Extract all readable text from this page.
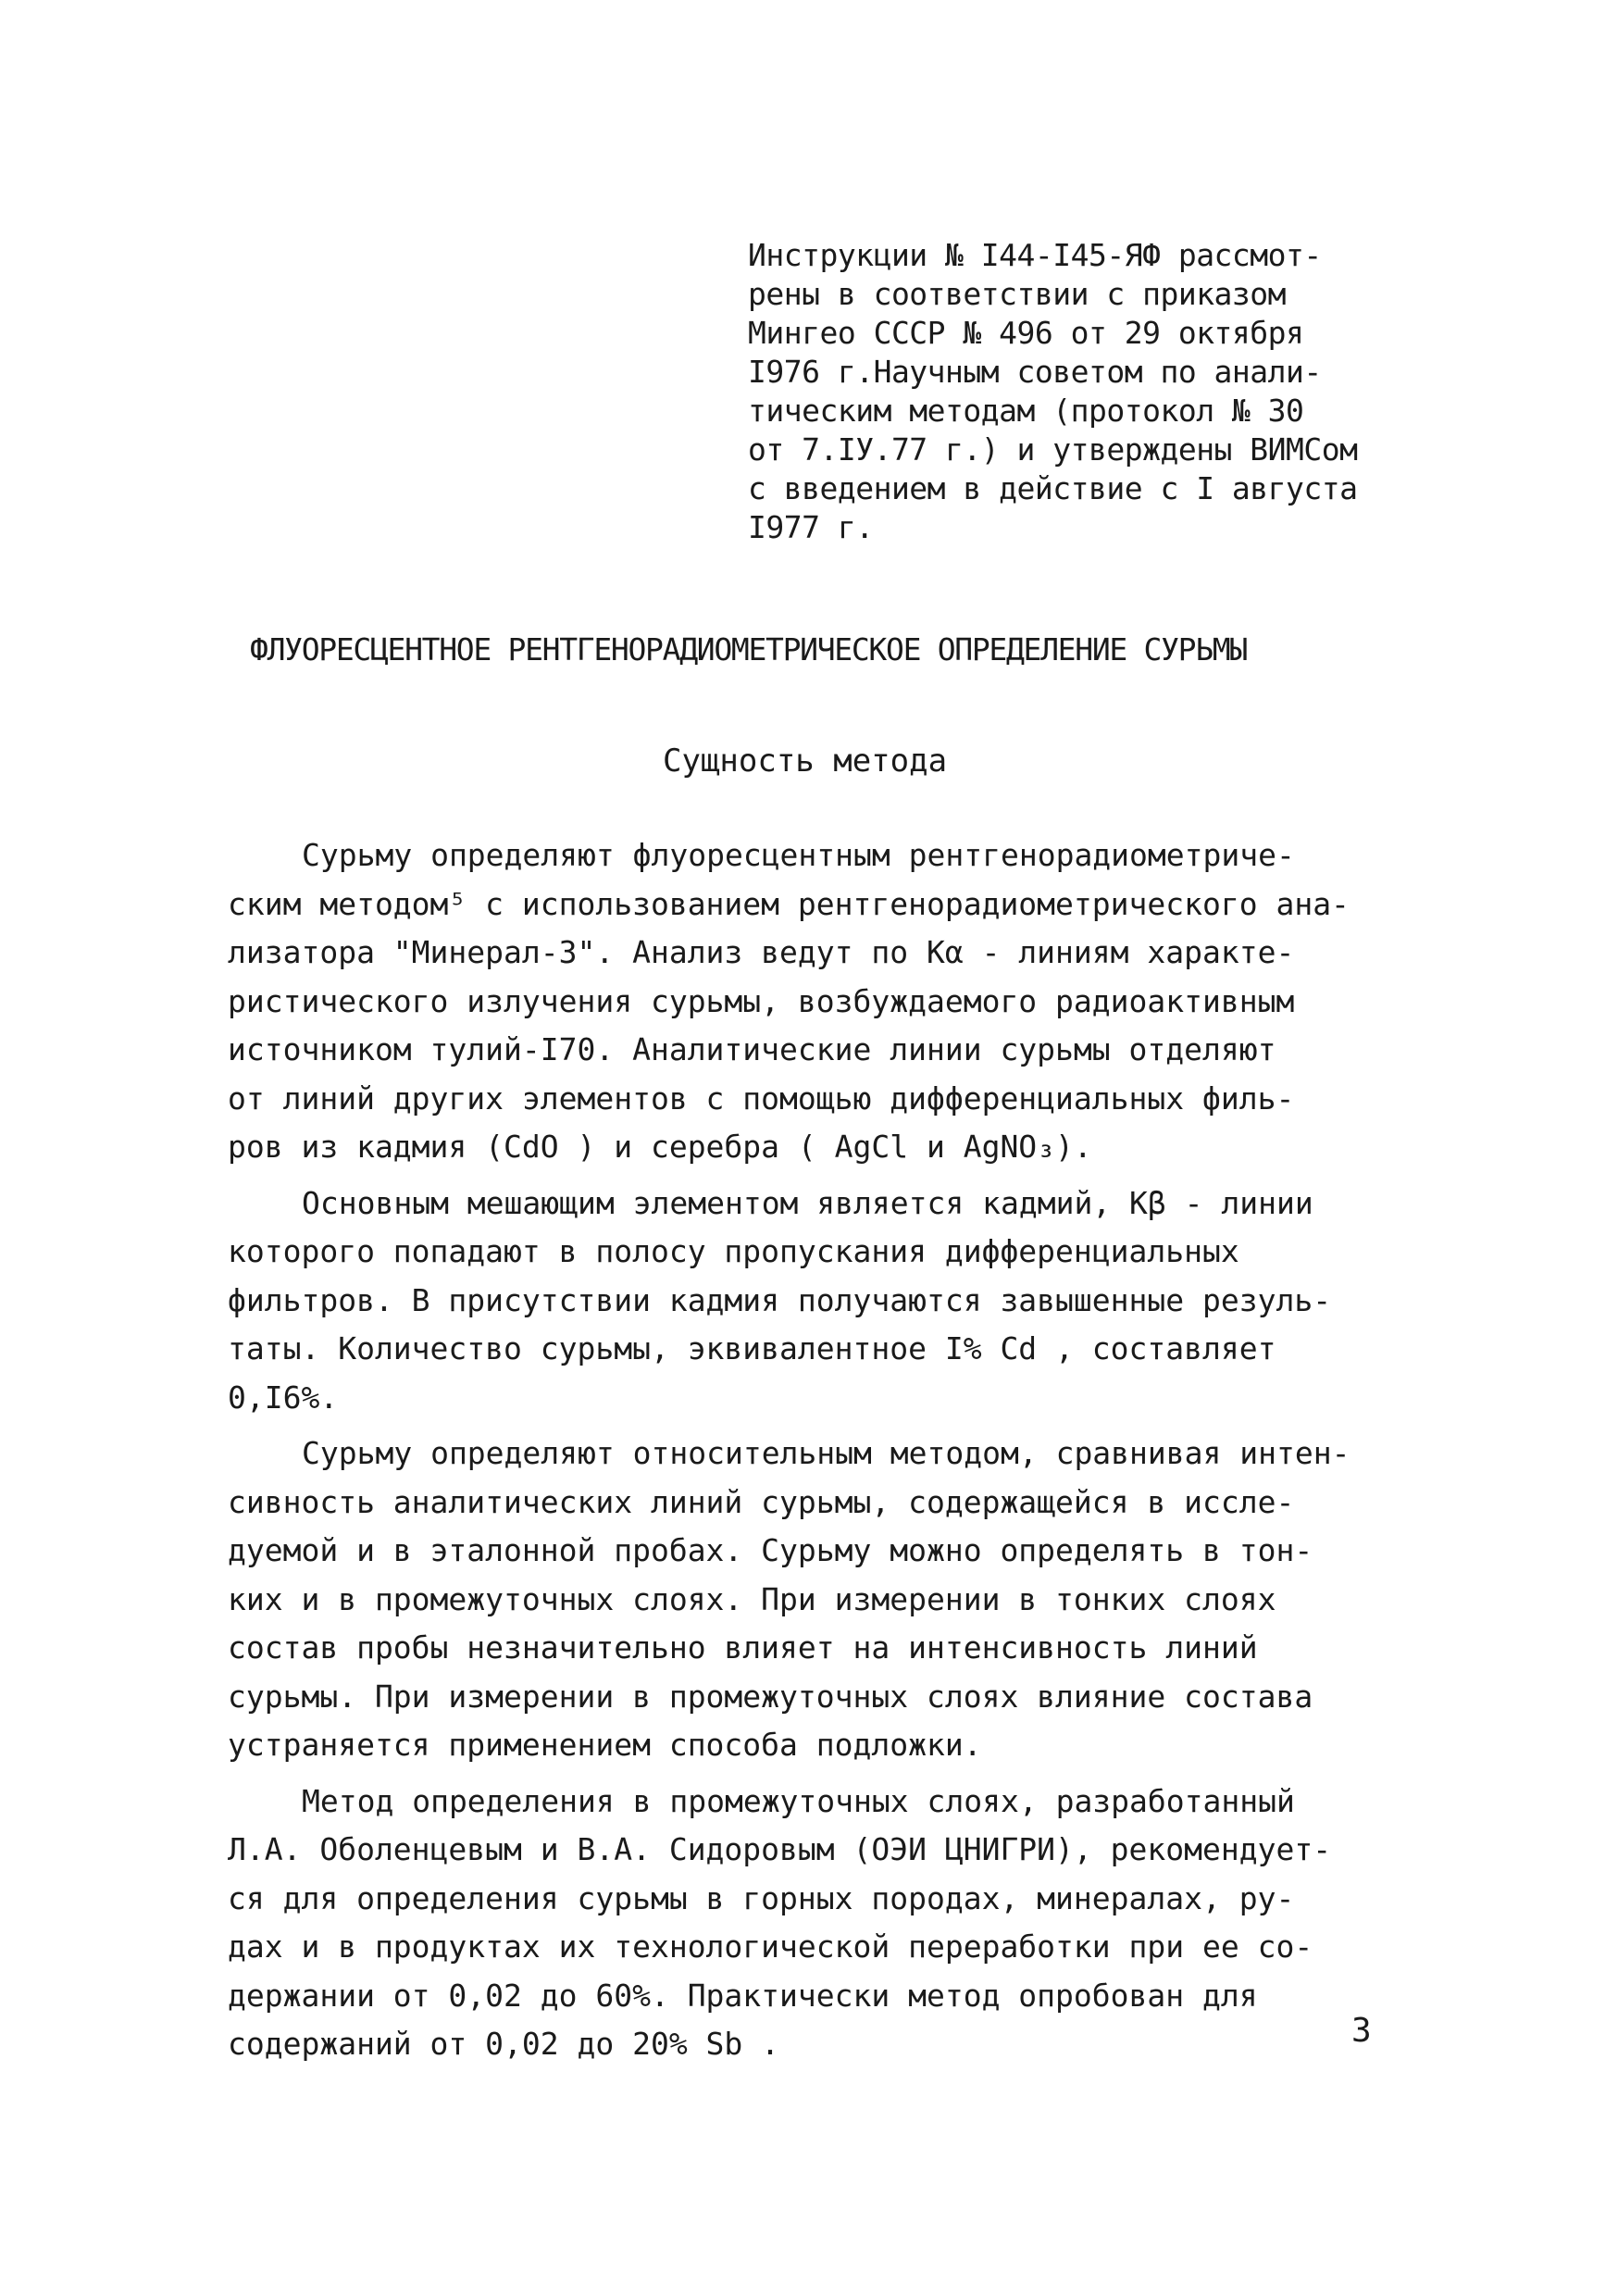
Инструкции № I44-I45-ЯФ рассмот-
рены в соответствии с приказом
Мингео СССР № 496 от 29 октября
I976 г.Научным советом по анали-
тическим методам (протокол № 30
от 7.IУ.77 г.) и утверждены ВИМСом
с введением в действие с I августа
I977 г.
ФЛУОРЕСЦЕНТНОЕ РЕНТГЕНОРАДИОМЕТРИЧЕСКОЕ ОПРЕДЕЛЕНИЕ СУРЬМЫ
Сущность метода
Сурьму определяют флуоресцентным рентгенорадиометриче-
ским методом⁵ с использованием рентгенорадиометрического ана-
лизатора "Минерал-3". Анализ ведут по Kα - линиям характе-
ристического излучения сурьмы, возбуждаемого радиоактивным
источником тулий-I70. Аналитические линии сурьмы отделяют
от линий других элементов с помощью дифференциальных филь-
ров из кадмия (CdO ) и серебра ( AgCl и AgNO₃).
Основным мешающим элементом является кадмий, Kβ - линии
которого попадают в полосу пропускания дифференциальных
фильтров. В присутствии кадмия получаются завышенные резуль-
таты. Количество сурьмы, эквивалентное I% Cd , составляет
0,I6%.
Сурьму определяют относительным методом, сравнивая интен-
сивность аналитических линий сурьмы, содержащейся в иссле-
дуемой и в эталонной пробах. Сурьму можно определять в тон-
ких и в промежуточных слоях. При измерении в тонких слоях
состав пробы незначительно влияет на интенсивность линий
сурьмы. При измерении в промежуточных слоях влияние состава
устраняется применением способа подложки.
Метод определения в промежуточных слоях, разработанный
Л.А. Оболенцевым и В.А. Сидоровым (ОЭИ ЦНИГРИ), рекомендует-
ся для определения сурьмы в горных породах, минералах, ру-
дах и в продуктах их технологической переработки при ее со-
держании от 0,02 до 60%. Практически метод опробован для
содержаний от 0,02 до 20% Sb .	3
